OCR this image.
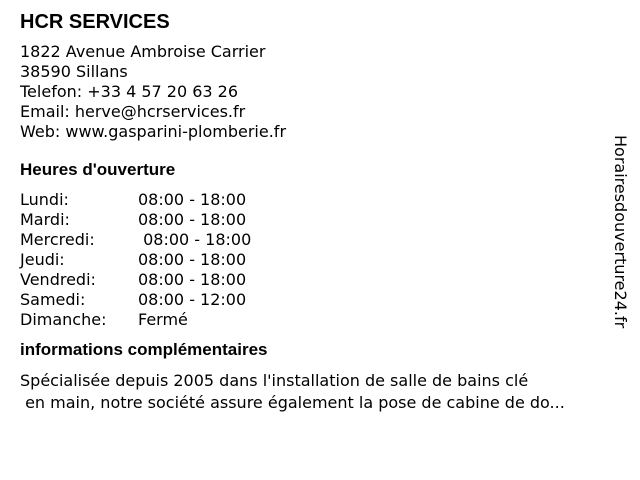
HCR SERVICES
1822 Avenue Ambroise Carrier
38590 Sillans
Telefon: +33 4 57 20 63 26
Email: herve@hcrservices.fr
Web: www.gasparini-plomberie.fr
Heures d'ouverture
Lundi:	08:00 - 18:00
Mardi:	08:00 - 18:00
Mercredi:	08:00 - 18:00
Jeudi:	08:00 - 18:00
Vendredi:	08:00 - 18:00
Samedi:	08:00 - 12:00
Dimanche:	Fermé
informations complémentaires
Spécialisée depuis 2005 dans l'installation de salle de bains clé
en main, notre société assure également la pose de cabine de do...
Horairesdouverture24.fr
